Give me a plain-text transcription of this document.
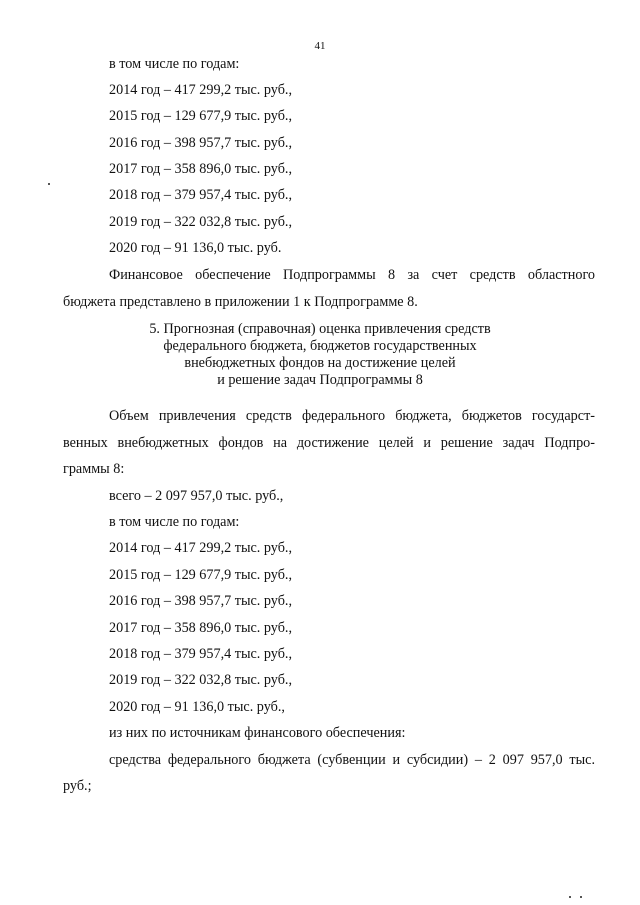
41
в том числе по годам:
2014 год – 417 299,2 тыс. руб.,
2015 год – 129 677,9 тыс. руб.,
2016 год – 398 957,7 тыс. руб.,
2017 год – 358 896,0 тыс. руб.,
2018 год – 379 957,4 тыс. руб.,
2019 год – 322 032,8 тыс. руб.,
2020 год – 91 136,0 тыс. руб.
Финансовое обеспечение Подпрограммы 8 за счет средств областного
бюджета представлено в приложении 1 к Подпрограмме 8.
5. Прогнозная (справочная) оценка привлечения средств
федерального бюджета, бюджетов государственных
внебюджетных фондов на достижение целей
и решение задач Подпрограммы 8
Объем привлечения средств федерального бюджета, бюджетов государст-
венных внебюджетных фондов на достижение целей и решение задач Подпро-
граммы 8:
всего – 2 097 957,0 тыс. руб.,
в том числе по годам:
2014 год – 417 299,2 тыс. руб.,
2015 год – 129 677,9 тыс. руб.,
2016 год – 398 957,7 тыс. руб.,
2017 год – 358 896,0 тыс. руб.,
2018 год – 379 957,4 тыс. руб.,
2019 год – 322 032,8 тыс. руб.,
2020 год – 91 136,0 тыс. руб.,
из них по источникам финансового обеспечения:
средства федерального бюджета (субвенции и субсидии) – 2 097 957,0 тыс.
руб.;
